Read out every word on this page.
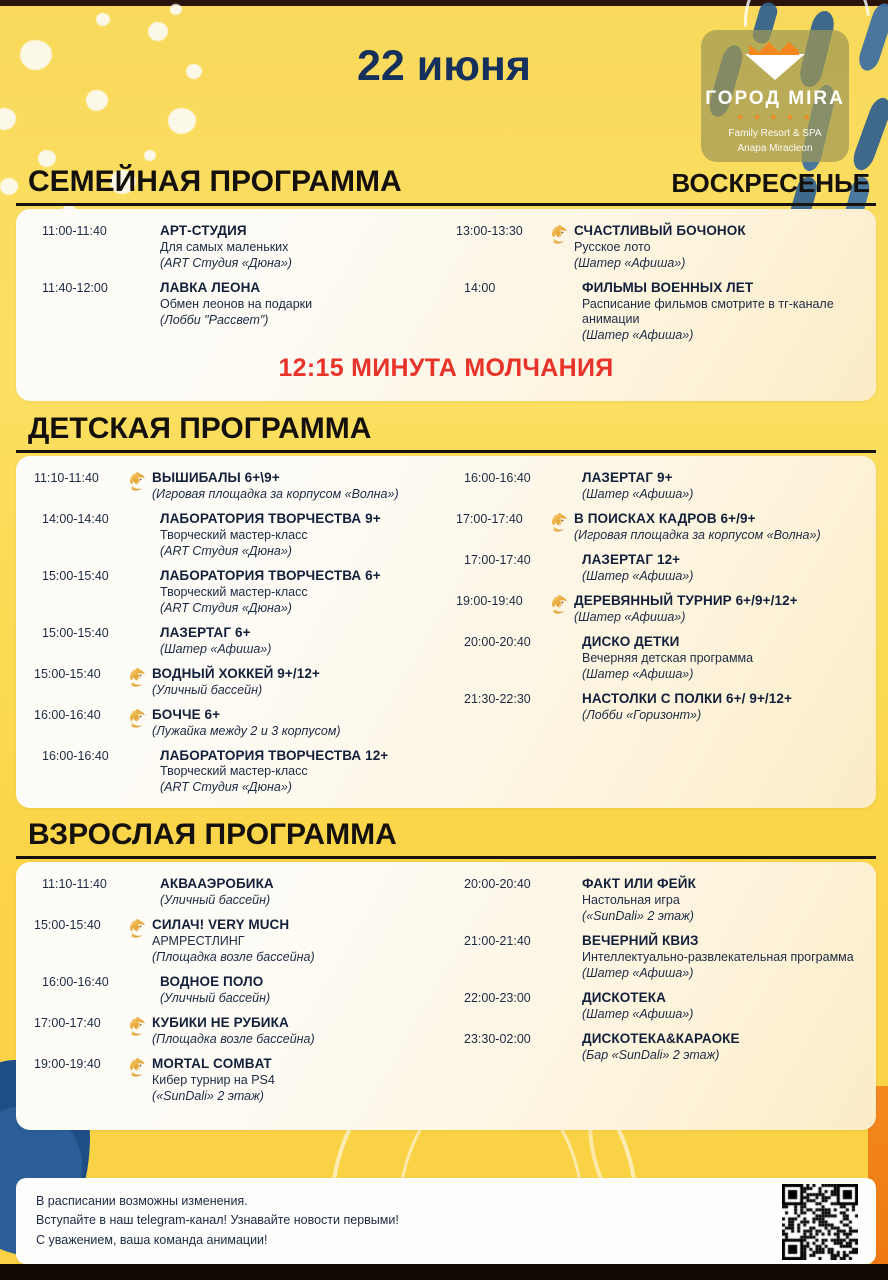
ГОРОД MIRA
★ ★ ★ ★ ★
Family Resort & SPA
Anapa Miracleon
22 июня
СЕМЕЙНАЯ ПРОГРАММА	ВОСКРЕСЕНЬЕ
11:00-11:40	АРТ-СТУДИЯ
Для самых маленьких
(ART Студия «Дюна»)
11:40-12:00	ЛАВКА ЛЕОНА
Обмен леонов на подарки
(Лобби "Рассвет")
13:00-13:30	СЧАСТЛИВЫЙ БОЧОНОК
Русское лото
(Шатер «Афиша»)
14:00	ФИЛЬМЫ ВОЕННЫХ ЛЕТ
Расписание фильмов смотрите в тг-канале анимации
(Шатер «Афиша»)
12:15 МИНУТА МОЛЧАНИЯ
ДЕТСКАЯ ПРОГРАММА
11:10-11:40	ВЫШИБАЛЫ 6+\9+
(Игровая площадка за корпусом «Волна»)
14:00-14:40	ЛАБОРАТОРИЯ ТВОРЧЕСТВА 9+
Творческий мастер-класс
(ART Студия «Дюна»)
15:00-15:40	ЛАБОРАТОРИЯ ТВОРЧЕСТВА 6+
Творческий мастер-класс
(ART Студия «Дюна»)
15:00-15:40	ЛАЗЕРТАГ 6+
(Шатер «Афиша»)
15:00-15:40	ВОДНЫЙ ХОККЕЙ 9+/12+
(Уличный бассейн)
16:00-16:40	БОЧЧЕ 6+
(Лужайка между 2 и 3 корпусом)
16:00-16:40	ЛАБОРАТОРИЯ ТВОРЧЕСТВА 12+
Творческий мастер-класс
(ART Студия «Дюна»)
16:00-16:40	ЛАЗЕРТАГ 9+
(Шатер «Афиша»)
17:00-17:40	В ПОИСКАХ КАДРОВ 6+/9+
(Игровая площадка за корпусом «Волна»)
17:00-17:40	ЛАЗЕРТАГ 12+
(Шатер «Афиша»)
19:00-19:40	ДЕРЕВЯННЫЙ ТУРНИР 6+/9+/12+
(Шатер «Афиша»)
20:00-20:40	ДИСКО ДЕТКИ
Вечерняя детская программа
(Шатер «Афиша»)
21:30-22:30	НАСТОЛКИ С ПОЛКИ 6+/ 9+/12+
(Лобби «Горизонт»)
ВЗРОСЛАЯ ПРОГРАММА
11:10-11:40	АКВААЭРОБИКА
(Уличный бассейн)
15:00-15:40	СИЛАЧ! VERY MUCH
АРМРЕСТЛИНГ
(Площадка возле бассейна)
16:00-16:40	ВОДНОЕ ПОЛО
(Уличный бассейн)
17:00-17:40	КУБИКИ НЕ РУБИКА
(Площадка возле бассейна)
19:00-19:40	MORTAL COMBAT
Кибер турнир на PS4
(«SunDali» 2 этаж)
20:00-20:40	ФАКТ ИЛИ ФЕЙК
Настольная игра
(«SunDali» 2 этаж)
21:00-21:40	ВЕЧЕРНИЙ КВИЗ
Интеллектуально-развлекательная программа
(Шатер «Афиша»)
22:00-23:00	ДИСКОТЕКА
(Шатер «Афиша»)
23:30-02:00	ДИСКОТЕКА&КАРАОКЕ
(Бар «SunDali» 2 этаж)
В расписании возможны изменения.
Вступайте в наш telegram-канал! Узнавайте новости первыми!
С уважением, ваша команда анимации!
